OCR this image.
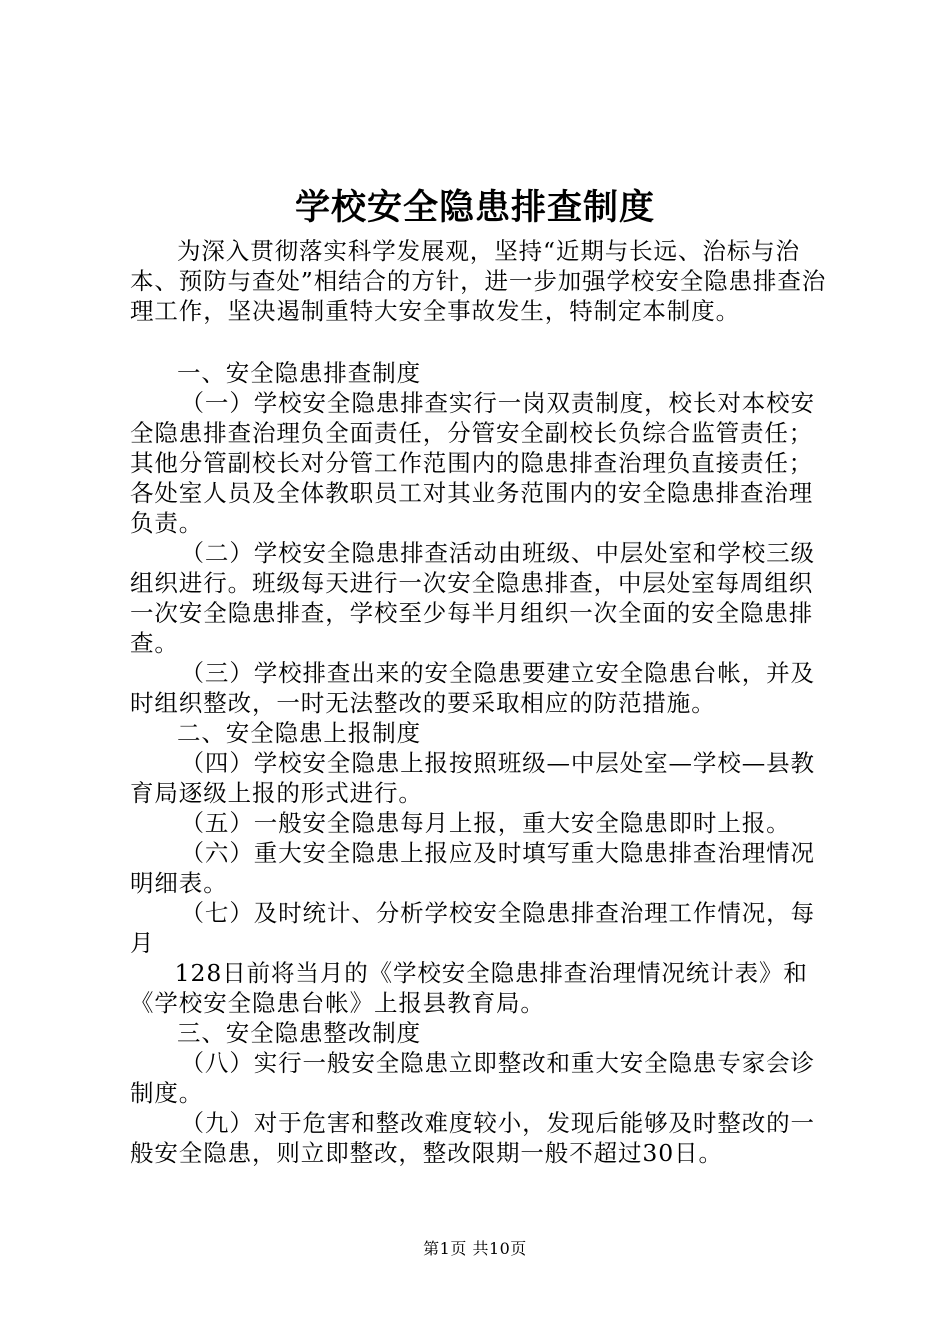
学校安全隐患排查制度

为深入贯彻落实科学发展观，坚持“近期与长远、治标与治本、预防与查处”相结合的方针，进一步加强学校安全隐患排查治理工作，坚决遏制重特大安全事故发生，特制定本制度。

一、安全隐患排查制度

（一）学校安全隐患排查实行一岗双责制度，校长对本校安全隐患排查治理负全面责任，分管安全副校长负综合监管责任；其他分管副校长对分管工作范围内的隐患排查治理负直接责任；各处室人员及全体教职员工对其业务范围内的安全隐患排查治理负责。

（二）学校安全隐患排查活动由班级、中层处室和学校三级组织进行。班级每天进行一次安全隐患排查，中层处室每周组织一次安全隐患排查，学校至少每半月组织一次全面的安全隐患排查。

（三）学校排查出来的安全隐患要建立安全隐患台帐，并及时组织整改，一时无法整改的要采取相应的防范措施。

二、安全隐患上报制度

（四）学校安全隐患上报按照班级—中层处室—学校—县教育局逐级上报的形式进行。

（五）一般安全隐患每月上报，重大安全隐患即时上报。

（六）重大安全隐患上报应及时填写重大隐患排查治理情况明细表。

（七）及时统计、分析学校安全隐患排查治理工作情况，每月

128日前将当月的《学校安全隐患排查治理情况统计表》和《学校安全隐患台帐》上报县教育局。

三、安全隐患整改制度

（八）实行一般安全隐患立即整改和重大安全隐患专家会诊制度。

（九）对于危害和整改难度较小，发现后能够及时整改的一般安全隐患，则立即整改，整改限期一般不超过30日。

第1页 共10页
